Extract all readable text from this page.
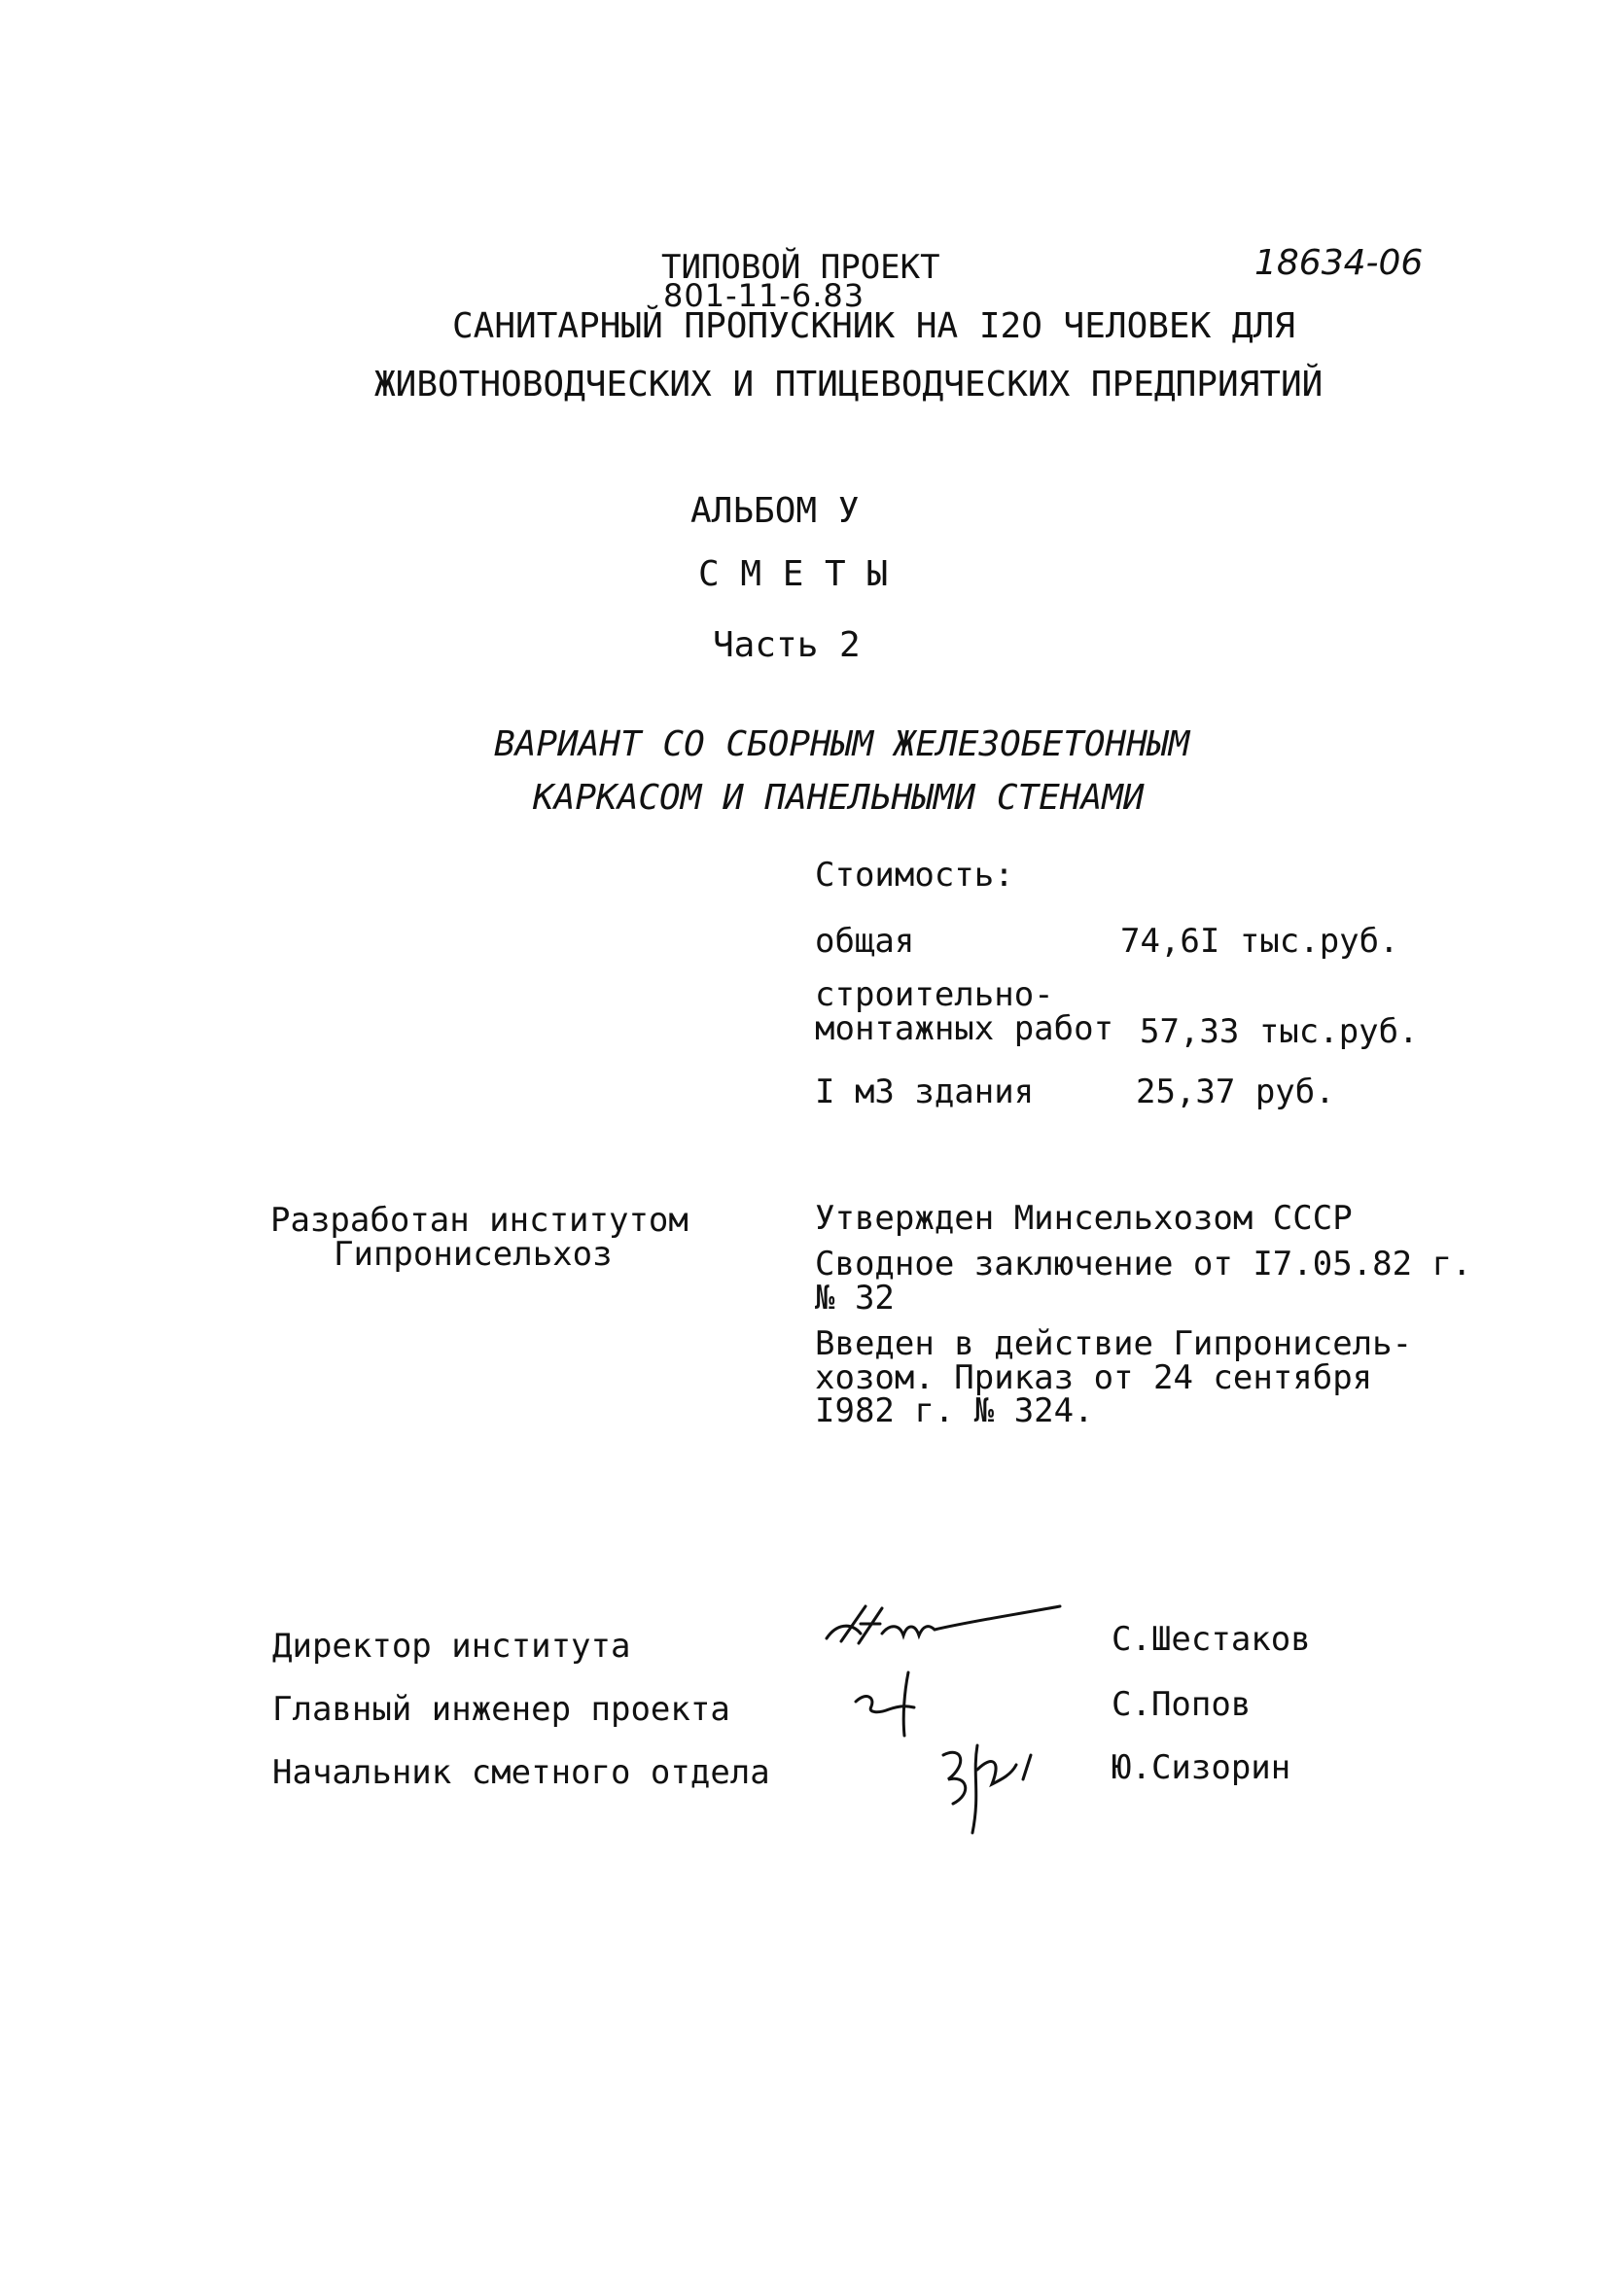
ТИПОВОЙ ПРОЕКТ
801-11-6.83
18634-06
САНИТАРНЫЙ ПРОПУСКНИК НА I2О ЧЕЛОВЕК ДЛЯ
ЖИВОТНОВОДЧЕСКИХ И ПТИЦЕВОДЧЕСКИХ ПРЕДПРИЯТИЙ
АЛЬБОМ У
С М Е Т Ы
Часть 2
ВАРИАНТ СО СБОРНЫМ ЖЕЛЕЗОБЕТОННЫМ
КАРКАСОМ И ПАНЕЛЬНЫМИ СТЕНАМИ
Стоимость:
общая	74,6I тыс.руб.
строительно-
монтажных работ 57,33 тыс.руб.
I м3 здания	25,37 руб.
Разработан институтом
Гипронисельхоз
Утвержден Минсельхозом СССР
Сводное заключение от I7.05.82 г.
№ 32
Введен в действие Гипронисель-
хозом. Приказ от 24 сентября
I982 г. № 324.
Директор института	С.Шестаков
Главный инженер проекта	С.Попов
Начальник сметного отдела	Ю.Сизорин
